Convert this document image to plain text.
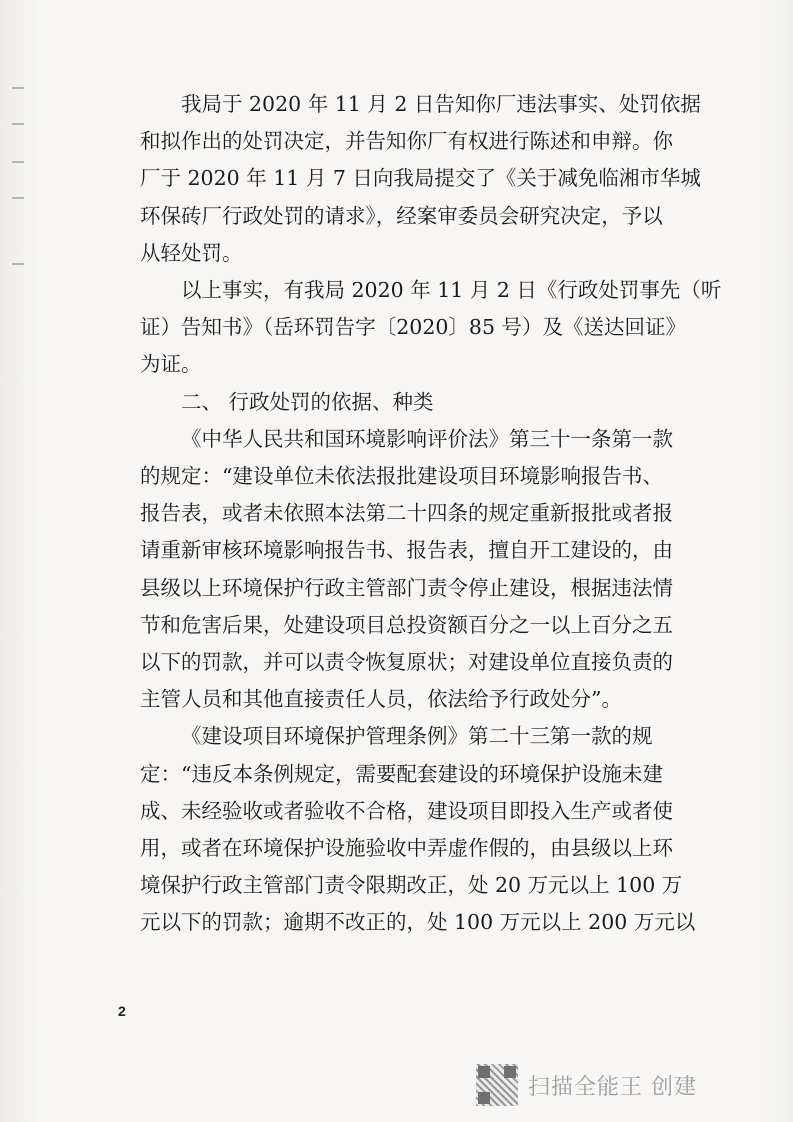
我局于 2020 年 11 月 2 日告知你厂违法事实、处罚依据
和拟作出的处罚决定，并告知你厂有权进行陈述和申辩。你
厂于 2020 年 11 月 7 日向我局提交了《关于减免临湘市华城
环保砖厂行政处罚的请求》，经案审委员会研究决定，予以
从轻处罚。
以上事实，有我局 2020 年 11 月 2 日《行政处罚事先（听
证）告知书》（岳环罚告字〔2020〕85 号）及《送达回证》
为证。
二、 行政处罚的依据、种类
《中华人民共和国环境影响评价法》第三十一条第一款
的规定：“建设单位未依法报批建设项目环境影响报告书、
报告表，或者未依照本法第二十四条的规定重新报批或者报
请重新审核环境影响报告书、报告表，擅自开工建设的，由
县级以上环境保护行政主管部门责令停止建设，根据违法情
节和危害后果，处建设项目总投资额百分之一以上百分之五
以下的罚款，并可以责令恢复原状；对建设单位直接负责的
主管人员和其他直接责任人员，依法给予行政处分”。
《建设项目环境保护管理条例》第二十三第一款的规
定：“违反本条例规定，需要配套建设的环境保护设施未建
成、未经验收或者验收不合格，建设项目即投入生产或者使
用，或者在环境保护设施验收中弄虚作假的，由县级以上环
境保护行政主管部门责令限期改正，处 20 万元以上 100 万
元以下的罚款；逾期不改正的，处 100 万元以上 200 万元以
2
扫描全能王 创建
